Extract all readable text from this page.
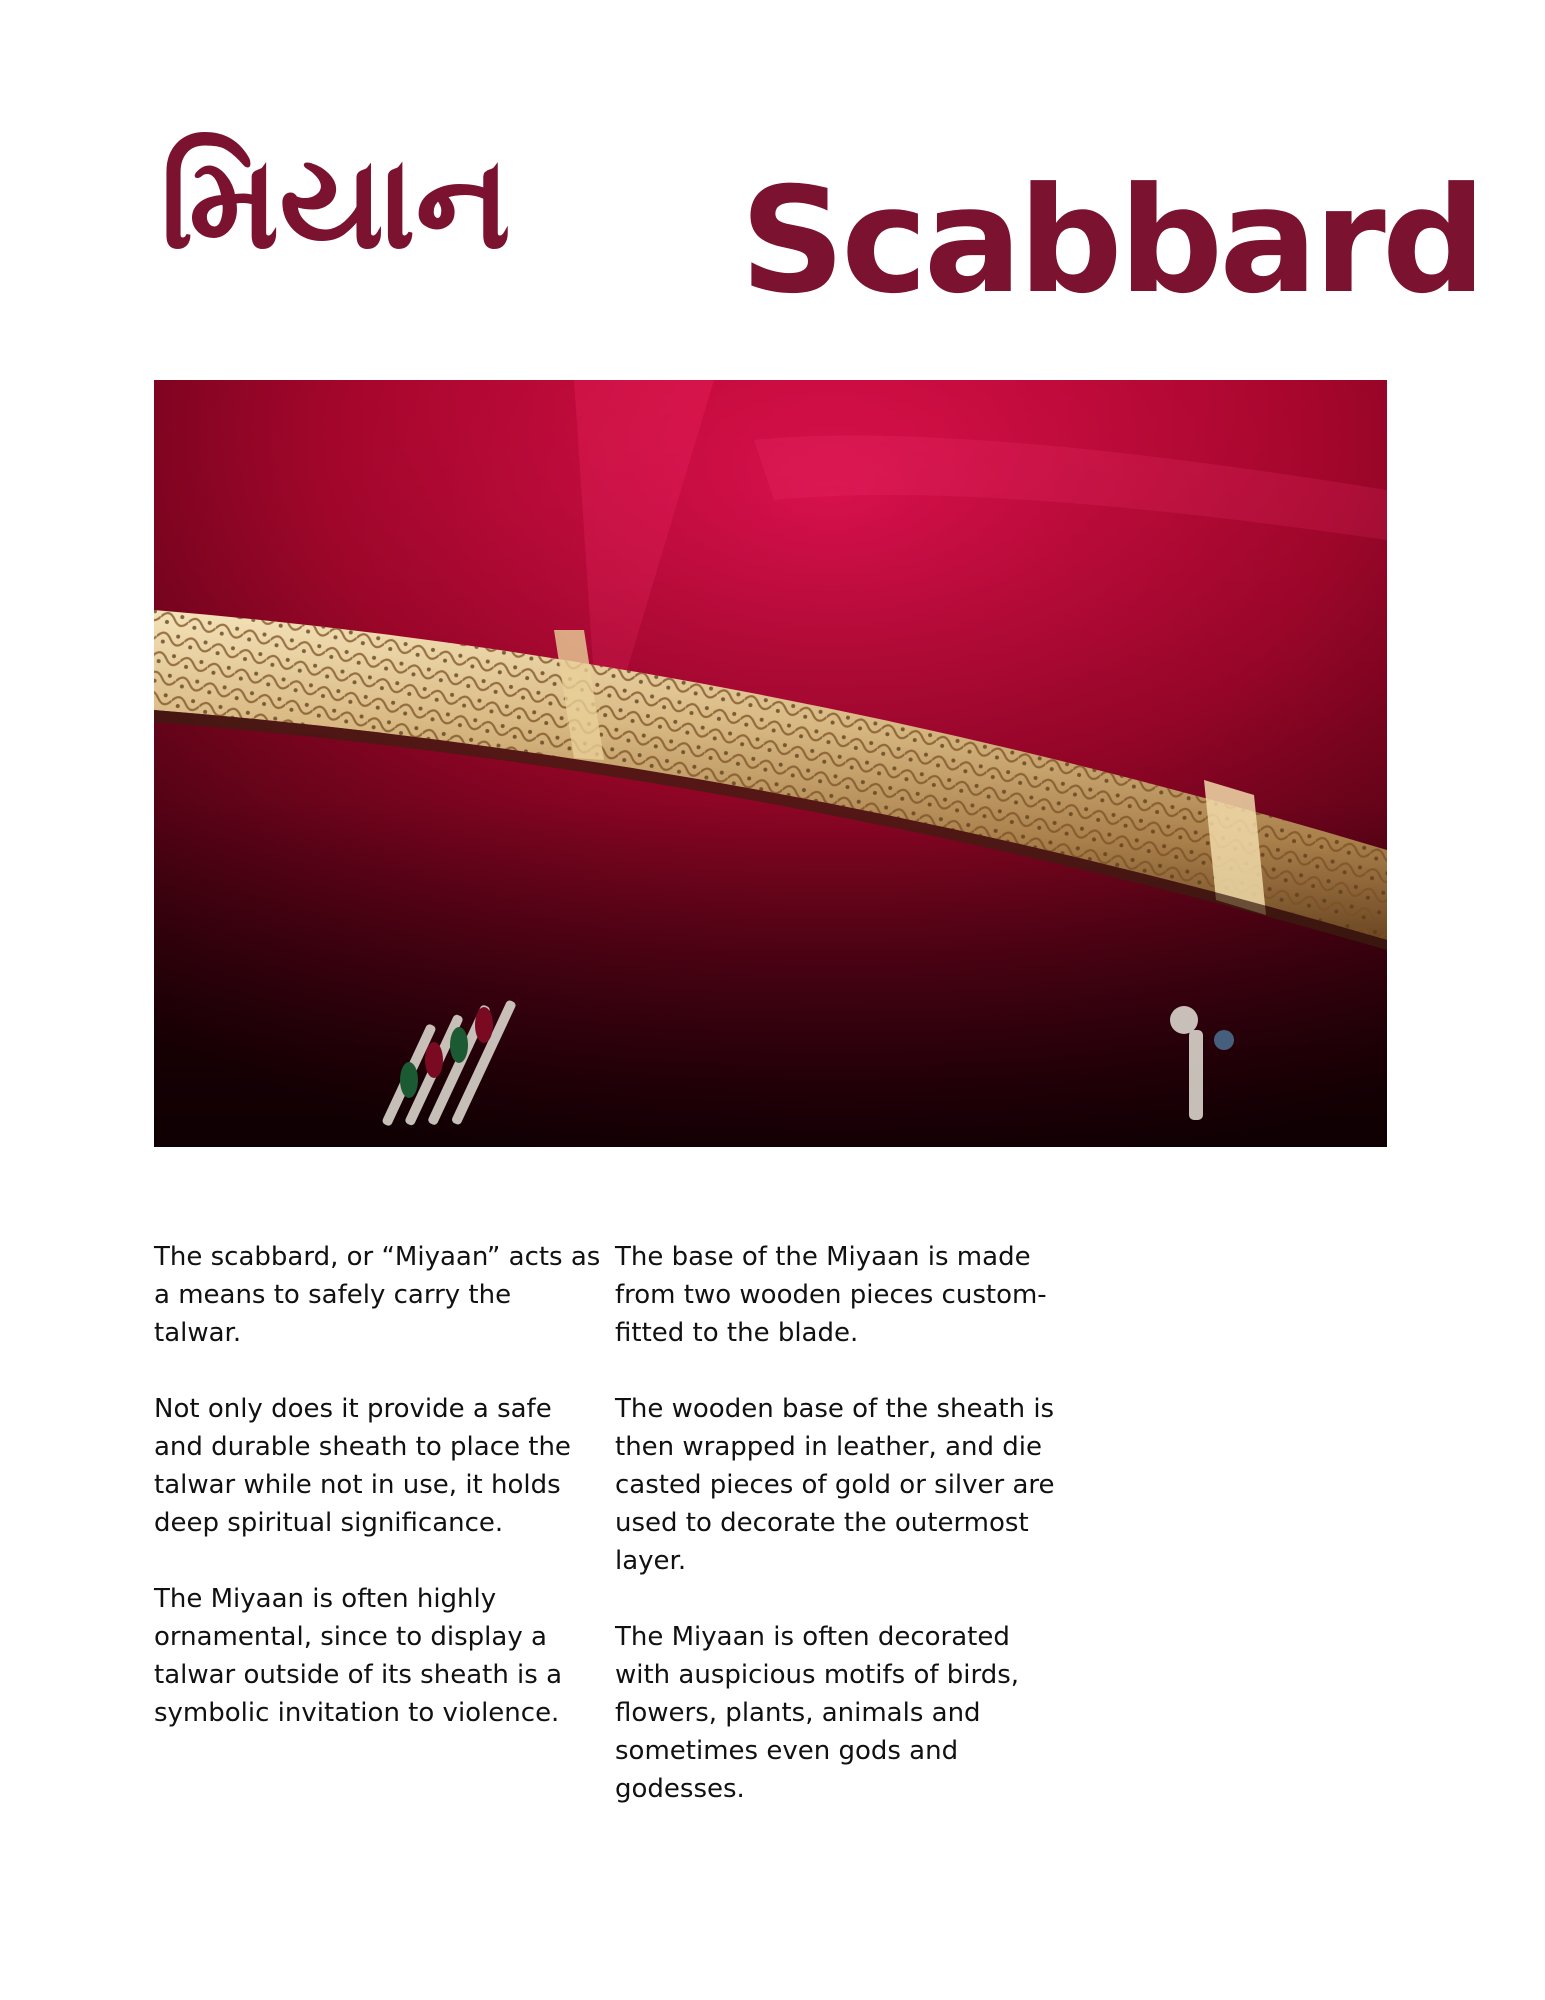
મિયાન Scabbard

The scabbard, or “Miyaan” acts as a means to safely carry the talwar.

Not only does it provide a safe and durable sheath to place the talwar while not in use, it holds deep spiritual significance.

The Miyaan is often highly ornamental, since to display a talwar outside of its sheath is a symbolic invitation to violence.

The base of the Miyaan is made from two wooden pieces custom-fitted to the blade.

The wooden base of the sheath is then wrapped in leather, and die casted pieces of gold or silver are used to decorate the outermost layer.

The Miyaan is often decorated with auspicious motifs of birds, flowers, plants, animals and sometimes even gods and godesses.
